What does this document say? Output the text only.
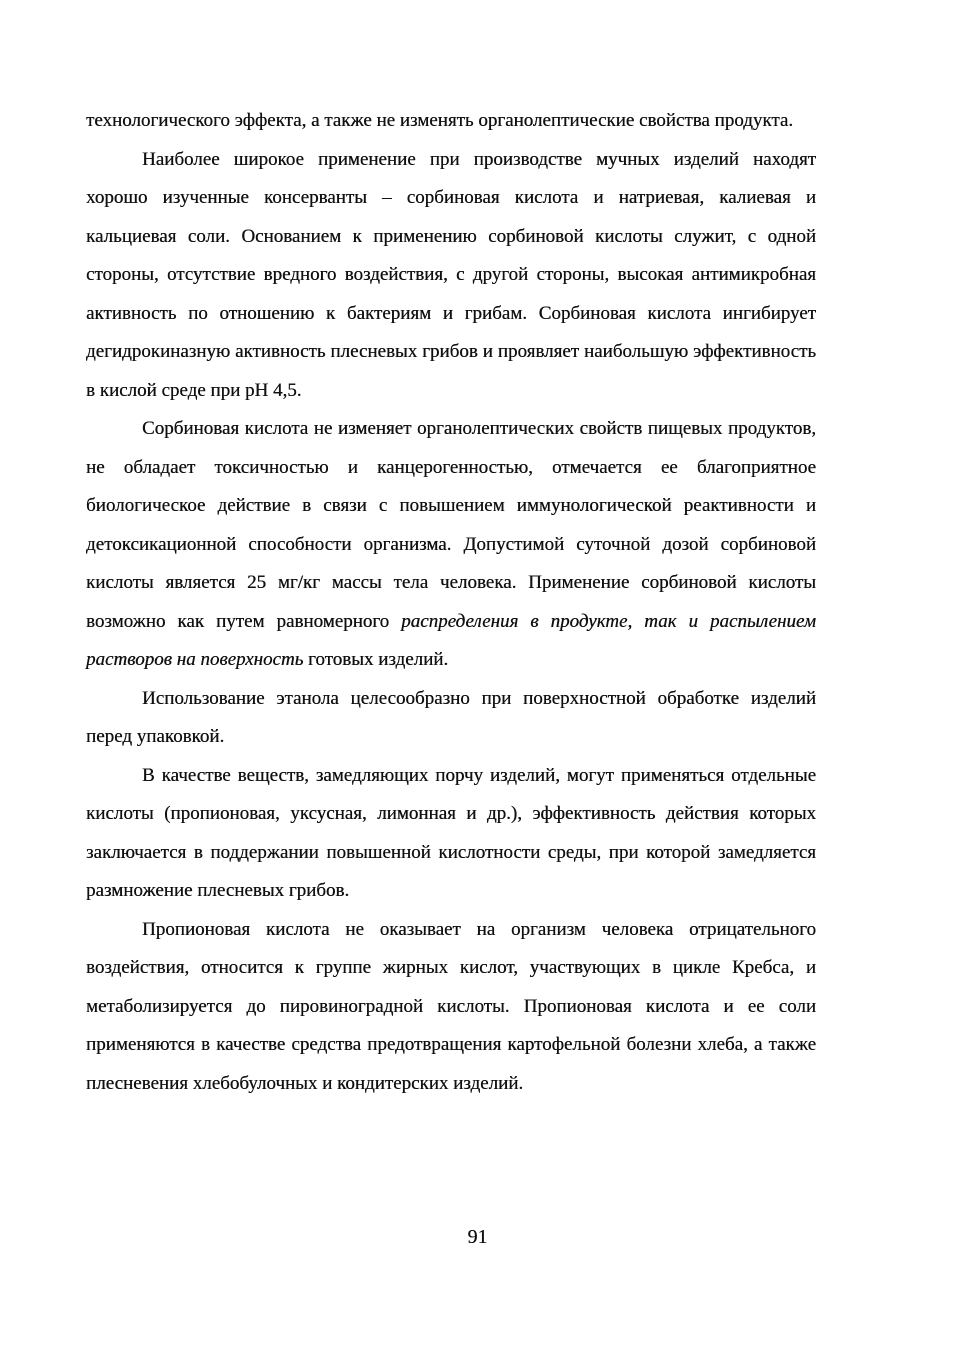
технологического эффекта, а также не изменять органолептические свойства продукта.

Наиболее широкое применение при производстве мучных изделий находят хорошо изученные консерванты – сорбиновая кислота и натриевая, калиевая и кальциевая соли. Основанием к применению сорбиновой кислоты служит, с одной стороны, отсутствие вредного воздействия, с другой стороны, высокая антимикробная активность по отношению к бактериям и грибам. Сорбиновая кислота ингибирует дегидрокиназную активность плесневых грибов и проявляет наибольшую эффективность в кислой среде при рН 4,5.

Сорбиновая кислота не изменяет органолептических свойств пищевых продуктов, не обладает токсичностью и канцерогенностью, отмечается ее благоприятное биологическое действие в связи с повышением иммунологической реактивности и детоксикационной способности организма. Допустимой суточной дозой сорбиновой кислоты является 25 мг/кг массы тела человека. Применение сорбиновой кислоты возможно как путем равномерного распределения в продукте, так и распылением растворов на поверхность готовых изделий.

Использование этанола целесообразно при поверхностной обработке изделий перед упаковкой.

В качестве веществ, замедляющих порчу изделий, могут применяться отдельные кислоты (пропионовая, уксусная, лимонная и др.), эффективность действия которых заключается в поддержании повышенной кислотности среды, при которой замедляется размножение плесневых грибов.

Пропионовая кислота не оказывает на организм человека отрицательного воздействия, относится к группе жирных кислот, участвующих в цикле Кребса, и метаболизируется до пировиноградной кислоты. Пропионовая кислота и ее соли применяются в качестве средства предотвращения картофельной болезни хлеба, а также плесневения хлебобулочных и кондитерских изделий.

91
